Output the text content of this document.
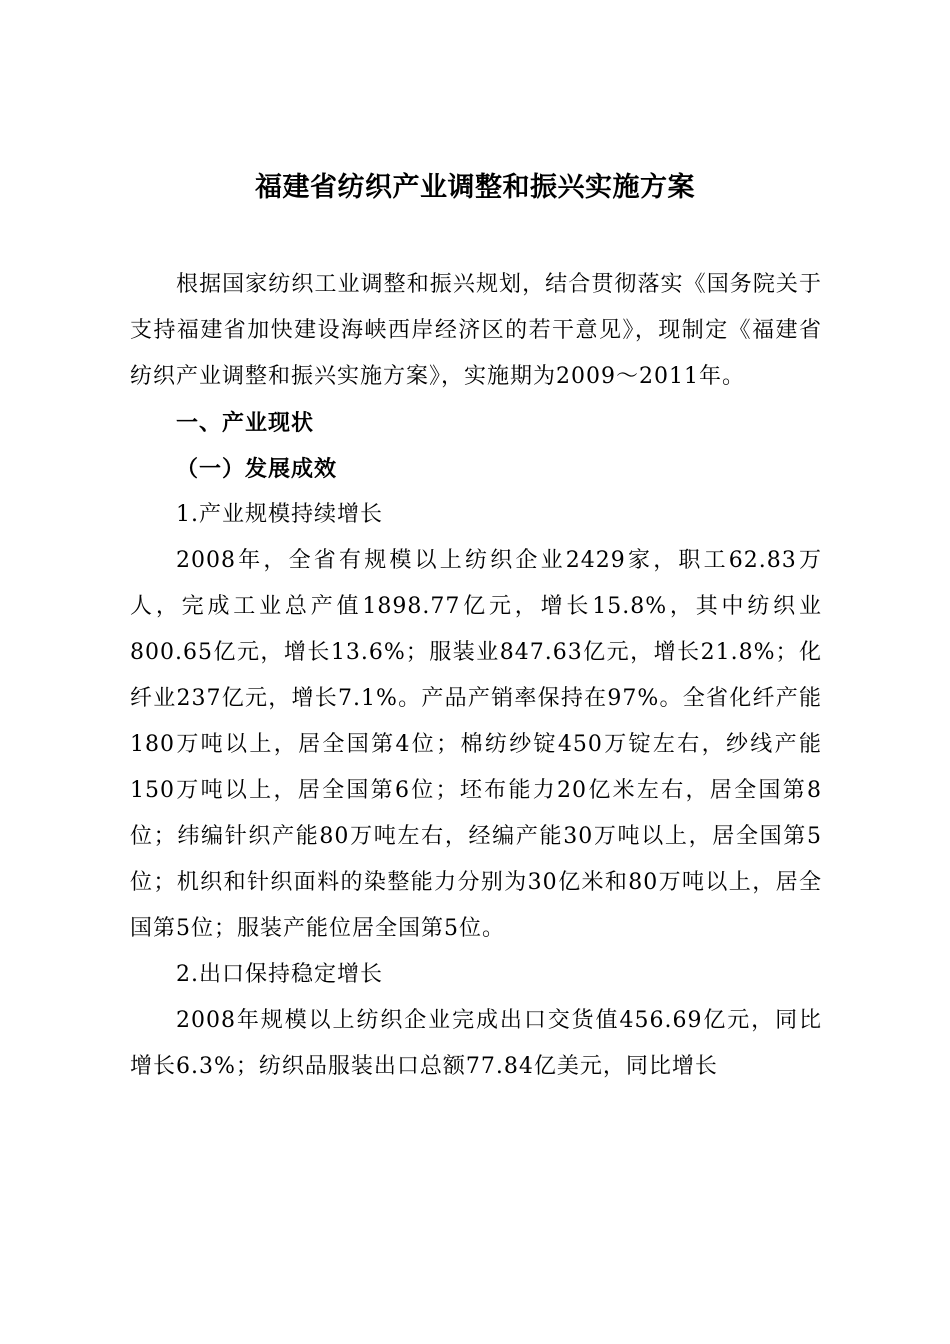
福建省纺织产业调整和振兴实施方案

根据国家纺织工业调整和振兴规划，结合贯彻落实《国务院关于支持福建省加快建设海峡西岸经济区的若干意见》，现制定《福建省纺织产业调整和振兴实施方案》，实施期为2009～2011年。

一、产业现状

（一）发展成效

1.产业规模持续增长

2008年，全省有规模以上纺织企业2429家，职工62.83万人，完成工业总产值1898.77亿元，增长15.8%，其中纺织业800.65亿元，增长13.6%；服装业847.63亿元，增长21.8%；化纤业237亿元，增长7.1%。产品产销率保持在97%。全省化纤产能180万吨以上，居全国第4位；棉纺纱锭450万锭左右，纱线产能150万吨以上，居全国第6位；坯布能力20亿米左右，居全国第8位；纬编针织产能80万吨左右，经编产能30万吨以上，居全国第5位；机织和针织面料的染整能力分别为30亿米和80万吨以上，居全国第5位；服装产能位居全国第5位。

2.出口保持稳定增长

2008年规模以上纺织企业完成出口交货值456.69亿元，同比增长6.3%；纺织品服装出口总额77.84亿美元，同比增长
